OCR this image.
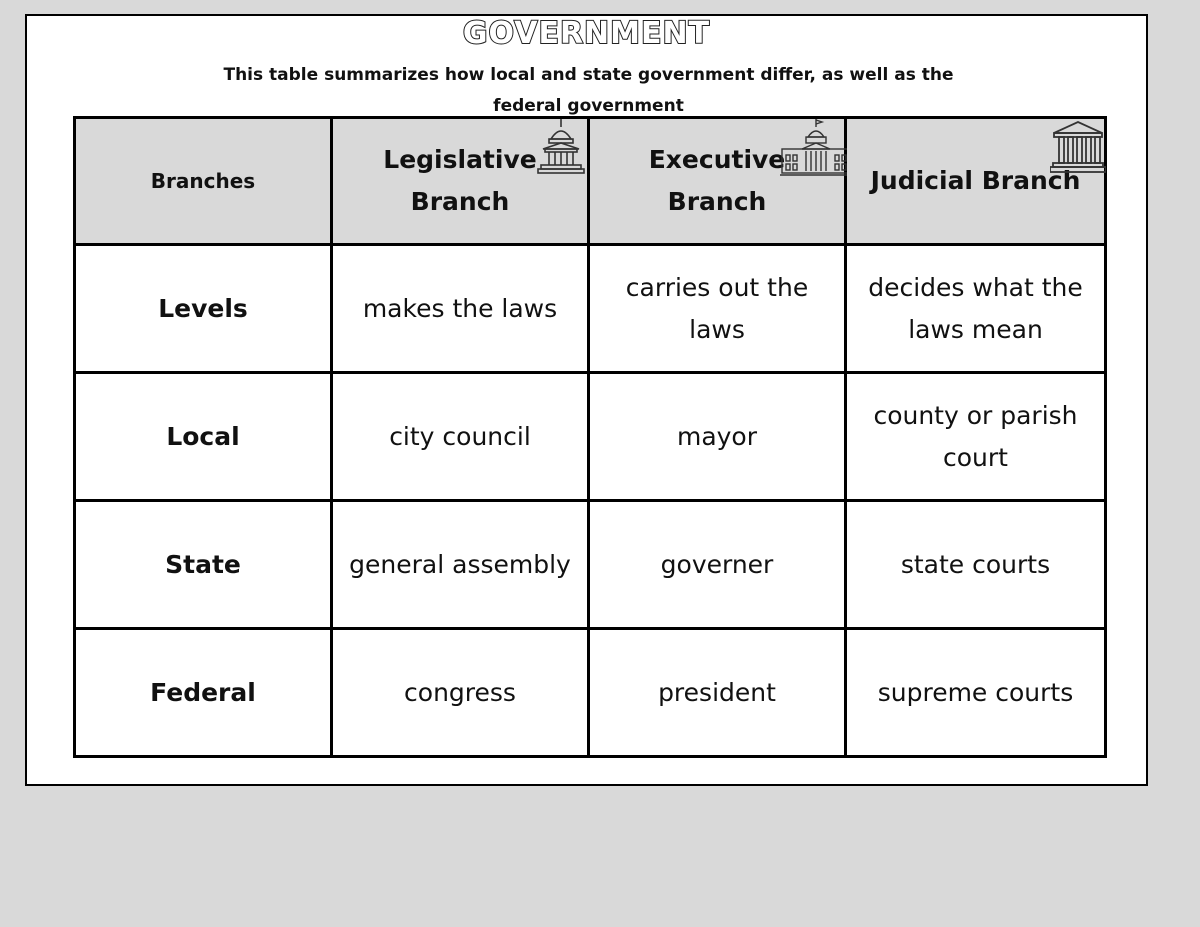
GOVERNMENT
This table summarizes how local and state government differ, as well as the federal government
Branches	Legislative Branch	Executive Branch	Judicial Branch

Levels	makes the laws	carries out the laws	decides what the laws mean
Local	city council	mayor	county or parish court
State	general assembly	governer	state courts
Federal	congress	president	supreme courts
